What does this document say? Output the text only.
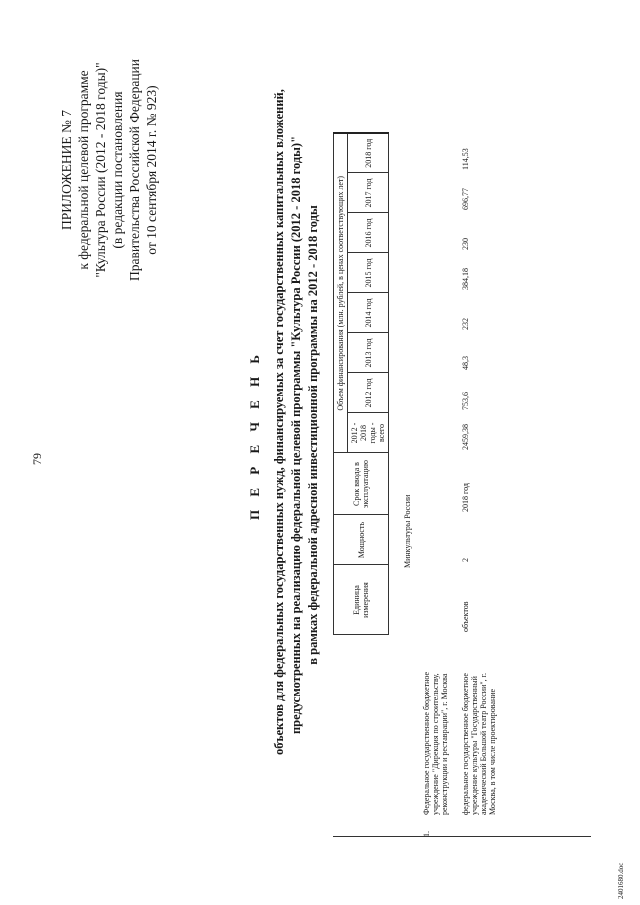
79
ПРИЛОЖЕНИЕ № 7 к федеральной целевой программе "Культура России (2012 - 2018 годы)" (в редакции постановления Правительства Российской Федерации от 10 сентября 2014 г. № 923)
П Е Р Е Ч Е Н Ь объектов для федеральных государственных нужд, финансируемых за счет государственных капитальных вложений, предусмотренных на реализацию федеральной целевой программы "Культура России (2012 - 2018 годы)" в рамках федеральной адресной инвестиционной программы на 2012 - 2018 годы
		Единица измерения	Мощность	Срок ввода в эксплуатацию	Объем финансирования (млн. рублей, в ценах соответствующих лет)							
				2012 - 2018 годы - всего	2012 год	2013 год	2014 год	2015 год	2016 год	2017 год	2018 год
Минкультуры России											
1.Федеральное государственное бюджетное учреждение "Дирекция по строительству, реконструкции и реставрации", г. Москва											
федеральное государственное бюджетное учреждение культуры "Государственный академический Большой театр России", г. Москва, в том числе проектирование	объектов	2	2018 год	2459,38	753,6	48,3	232	384,18	230	696,77	114,53
2401680.doc
